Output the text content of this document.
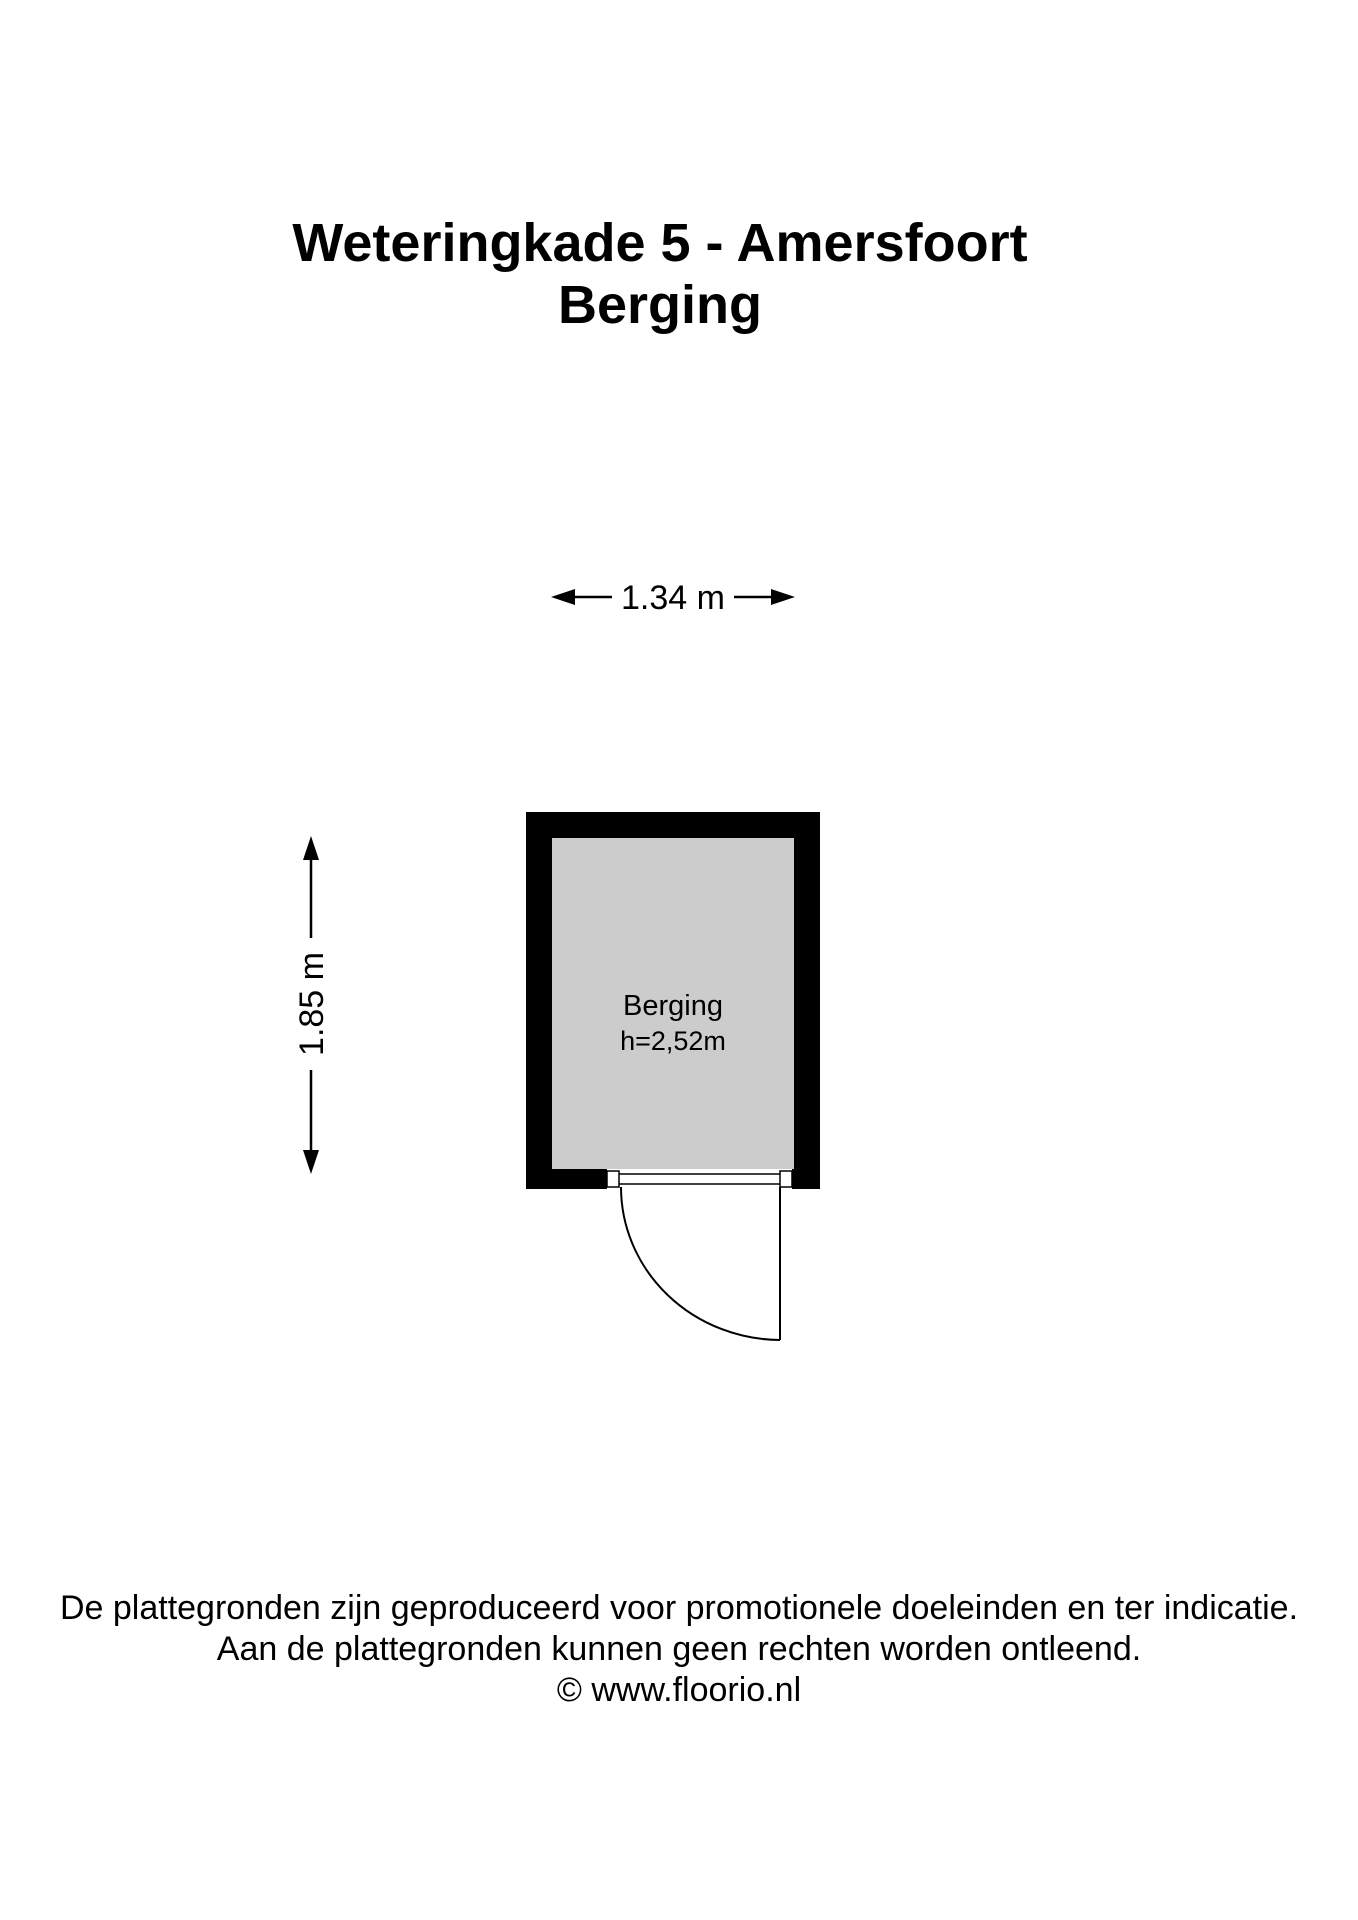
Weteringkade 5 - Amersfoort
Berging
1.34 m
1.85 m	Berging
h=2,52m
De plattegronden zijn geproduceerd voor promotionele doeleinden en ter indicatie.
Aan de plattegronden kunnen geen rechten worden ontleend.
© www.floorio.nl
